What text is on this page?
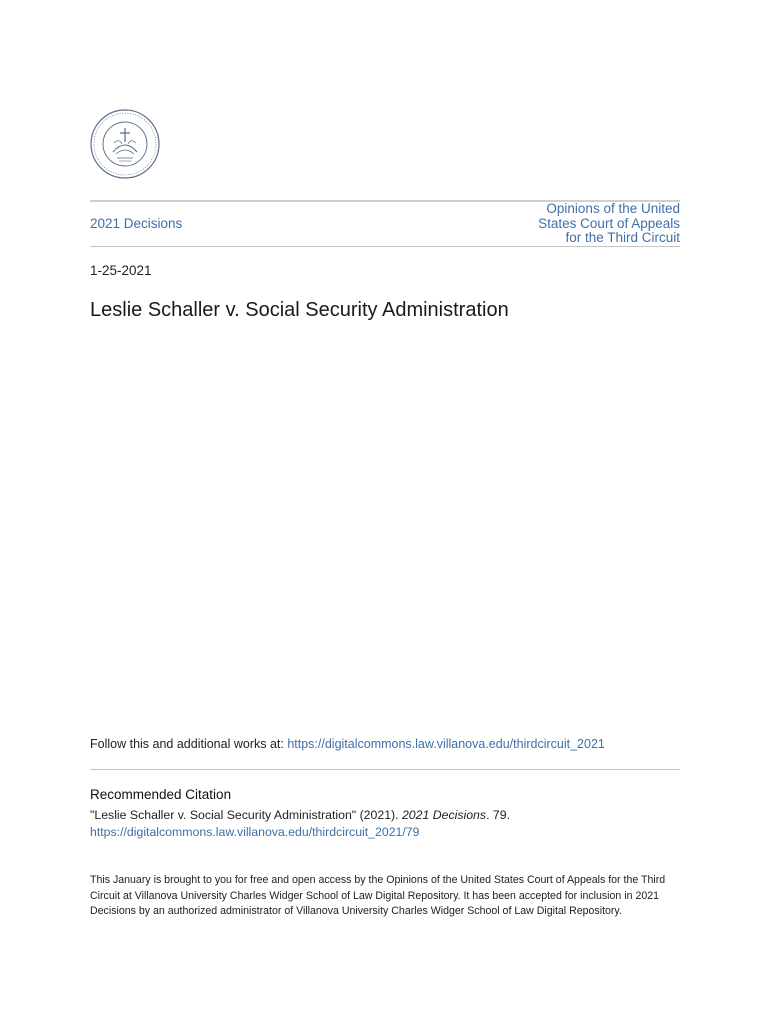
2021 Decisions
Opinions of the United
States Court of Appeals
for the Third Circuit
1-25-2021
Leslie Schaller v. Social Security Administration
Follow this and additional works at: https://digitalcommons.law.villanova.edu/thirdcircuit_2021
Recommended Citation
"Leslie Schaller v. Social Security Administration" (2021). 2021 Decisions. 79.
https://digitalcommons.law.villanova.edu/thirdcircuit_2021/79
This January is brought to you for free and open access by the Opinions of the United States Court of Appeals for the Third Circuit at Villanova University Charles Widger School of Law Digital Repository. It has been accepted for inclusion in 2021 Decisions by an authorized administrator of Villanova University Charles Widger School of Law Digital Repository.
